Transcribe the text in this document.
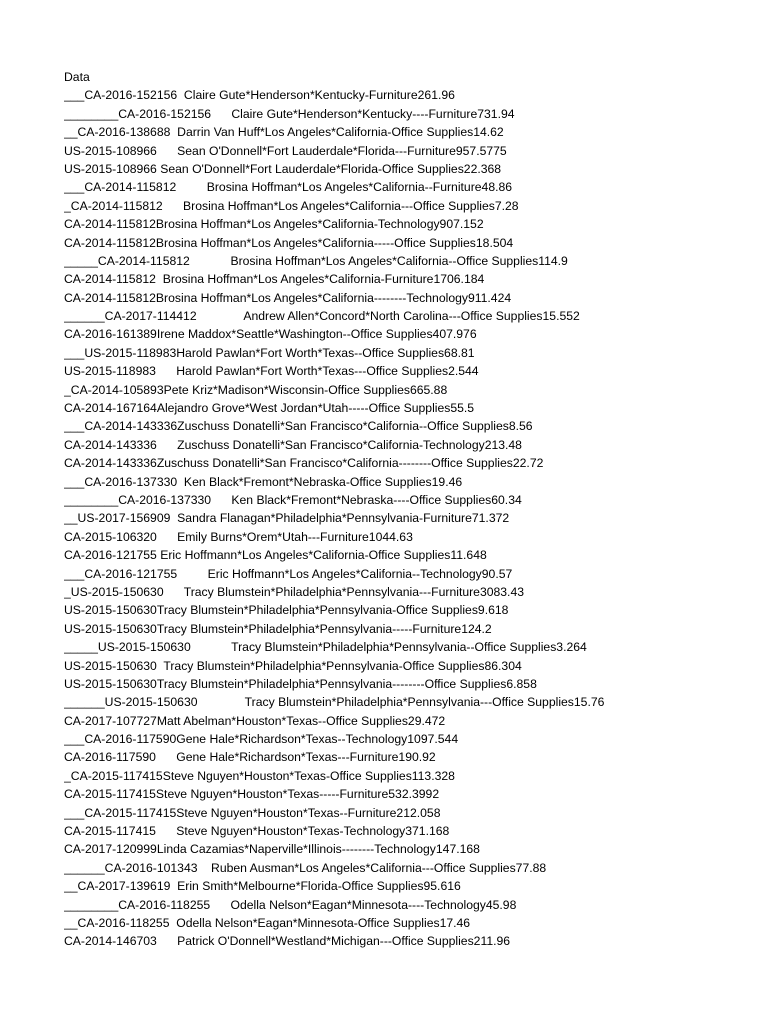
Data
___CA-2016-152156  Claire Gute*Henderson*Kentucky-Furniture261.96
________CA-2016-152156      Claire Gute*Henderson*Kentucky----Furniture731.94
__CA-2016-138688  Darrin Van Huff*Los Angeles*California-Office Supplies14.62
US-2015-108966      Sean O'Donnell*Fort Lauderdale*Florida---Furniture957.5775
US-2015-108966 Sean O'Donnell*Fort Lauderdale*Florida-Office Supplies22.368
___CA-2014-115812         Brosina Hoffman*Los Angeles*California--Furniture48.86
_CA-2014-115812      Brosina Hoffman*Los Angeles*California---Office Supplies7.28
CA-2014-115812Brosina Hoffman*Los Angeles*California-Technology907.152
CA-2014-115812Brosina Hoffman*Los Angeles*California-----Office Supplies18.504
_____CA-2014-115812            Brosina Hoffman*Los Angeles*California--Office Supplies114.9
CA-2014-115812  Brosina Hoffman*Los Angeles*California-Furniture1706.184
CA-2014-115812Brosina Hoffman*Los Angeles*California--------Technology911.424
______CA-2017-114412              Andrew Allen*Concord*North Carolina---Office Supplies15.552
CA-2016-161389Irene Maddox*Seattle*Washington--Office Supplies407.976
___US-2015-118983Harold Pawlan*Fort Worth*Texas--Office Supplies68.81
US-2015-118983      Harold Pawlan*Fort Worth*Texas---Office Supplies2.544
_CA-2014-105893Pete Kriz*Madison*Wisconsin-Office Supplies665.88
CA-2014-167164Alejandro Grove*West Jordan*Utah-----Office Supplies55.5
___CA-2014-143336Zuschuss Donatelli*San Francisco*California--Office Supplies8.56
CA-2014-143336      Zuschuss Donatelli*San Francisco*California-Technology213.48
CA-2014-143336Zuschuss Donatelli*San Francisco*California--------Office Supplies22.72
___CA-2016-137330  Ken Black*Fremont*Nebraska-Office Supplies19.46
________CA-2016-137330      Ken Black*Fremont*Nebraska----Office Supplies60.34
__US-2017-156909  Sandra Flanagan*Philadelphia*Pennsylvania-Furniture71.372
CA-2015-106320      Emily Burns*Orem*Utah---Furniture1044.63
CA-2016-121755 Eric Hoffmann*Los Angeles*California-Office Supplies11.648
___CA-2016-121755         Eric Hoffmann*Los Angeles*California--Technology90.57
_US-2015-150630      Tracy Blumstein*Philadelphia*Pennsylvania---Furniture3083.43
US-2015-150630Tracy Blumstein*Philadelphia*Pennsylvania-Office Supplies9.618
US-2015-150630Tracy Blumstein*Philadelphia*Pennsylvania-----Furniture124.2
_____US-2015-150630            Tracy Blumstein*Philadelphia*Pennsylvania--Office Supplies3.264
US-2015-150630  Tracy Blumstein*Philadelphia*Pennsylvania-Office Supplies86.304
US-2015-150630Tracy Blumstein*Philadelphia*Pennsylvania--------Office Supplies6.858
______US-2015-150630              Tracy Blumstein*Philadelphia*Pennsylvania---Office Supplies15.76
CA-2017-107727Matt Abelman*Houston*Texas--Office Supplies29.472
___CA-2016-117590Gene Hale*Richardson*Texas--Technology1097.544
CA-2016-117590      Gene Hale*Richardson*Texas---Furniture190.92
_CA-2015-117415Steve Nguyen*Houston*Texas-Office Supplies113.328
CA-2015-117415Steve Nguyen*Houston*Texas-----Furniture532.3992
___CA-2015-117415Steve Nguyen*Houston*Texas--Furniture212.058
CA-2015-117415      Steve Nguyen*Houston*Texas-Technology371.168
CA-2017-120999Linda Cazamias*Naperville*Illinois--------Technology147.168
______CA-2016-101343    Ruben Ausman*Los Angeles*California---Office Supplies77.88
__CA-2017-139619  Erin Smith*Melbourne*Florida-Office Supplies95.616
________CA-2016-118255      Odella Nelson*Eagan*Minnesota----Technology45.98
__CA-2016-118255  Odella Nelson*Eagan*Minnesota-Office Supplies17.46
CA-2014-146703      Patrick O'Donnell*Westland*Michigan---Office Supplies211.96
